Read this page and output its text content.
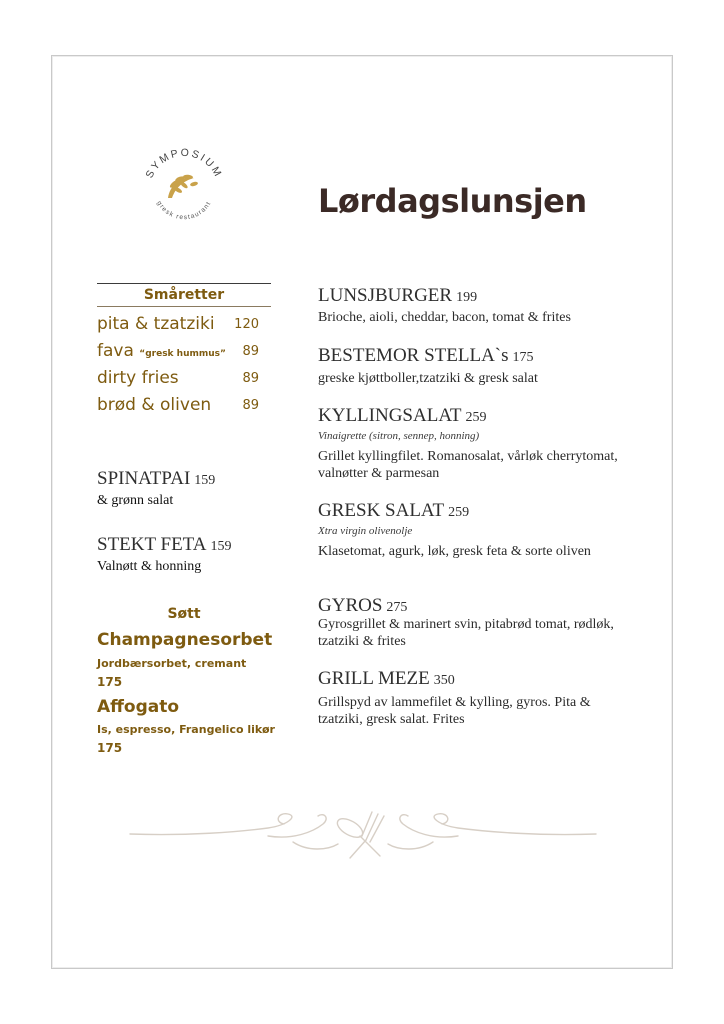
SYMPOSIUM
gresk restaurant	Lørdagslunsjen
Småretter
pita & tzatziki 120
fava “gresk hummus” 89
dirty fries	89
brød & oliven 89
SPINATPAI 159
& grønn salat
STEKT FETA 159
Valnøtt & honning
Søtt
Champagnesorbet
Jordbærsorbet, cremant
175
Affogato
Is, espresso, Frangelico likør
175
LUNSJBURGER 199
Brioche, aioli, cheddar, bacon, tomat & frites
BESTEMOR STELLA`s 175
greske kjøttboller,tzatziki & gresk salat
KYLLINGSALAT 259
Vinaigrette (sitron, sennep, honning)
Grillet kyllingfilet. Romanosalat, vårløk cherrytomat, valnøtter & parmesan
GRESK SALAT 259
Xtra virgin olivenolje
Klasetomat, agurk, løk, gresk feta & sorte oliven
GYROS 275
Gyrosgrillet & marinert svin, pitabrød tomat, rødløk, tzatziki & frites
GRILL MEZE 350
Grillspyd av lammefilet & kylling, gyros. Pita & tzatziki, gresk salat. Frites
